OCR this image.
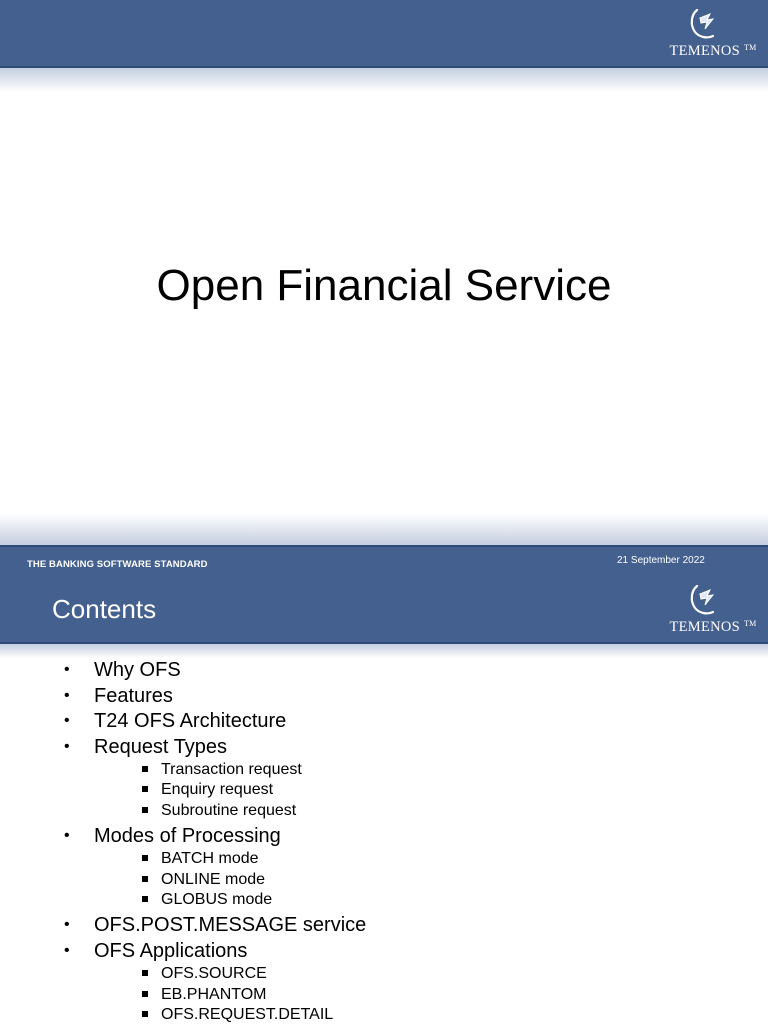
TEMENOS ™
Open Financial Service
THE BANKING SOFTWARE STANDARD	21 September 2022
Contents
TEMENOS ™
• Why OFS
• Features
• T24 OFS Architecture
• Request Types
Transaction request
Enquiry request
Subroutine request
• Modes of Processing
BATCH mode
ONLINE mode
GLOBUS mode
• OFS.POST.MESSAGE service
• OFS Applications
OFS.SOURCE
EB.PHANTOM
OFS.REQUEST.DETAIL
